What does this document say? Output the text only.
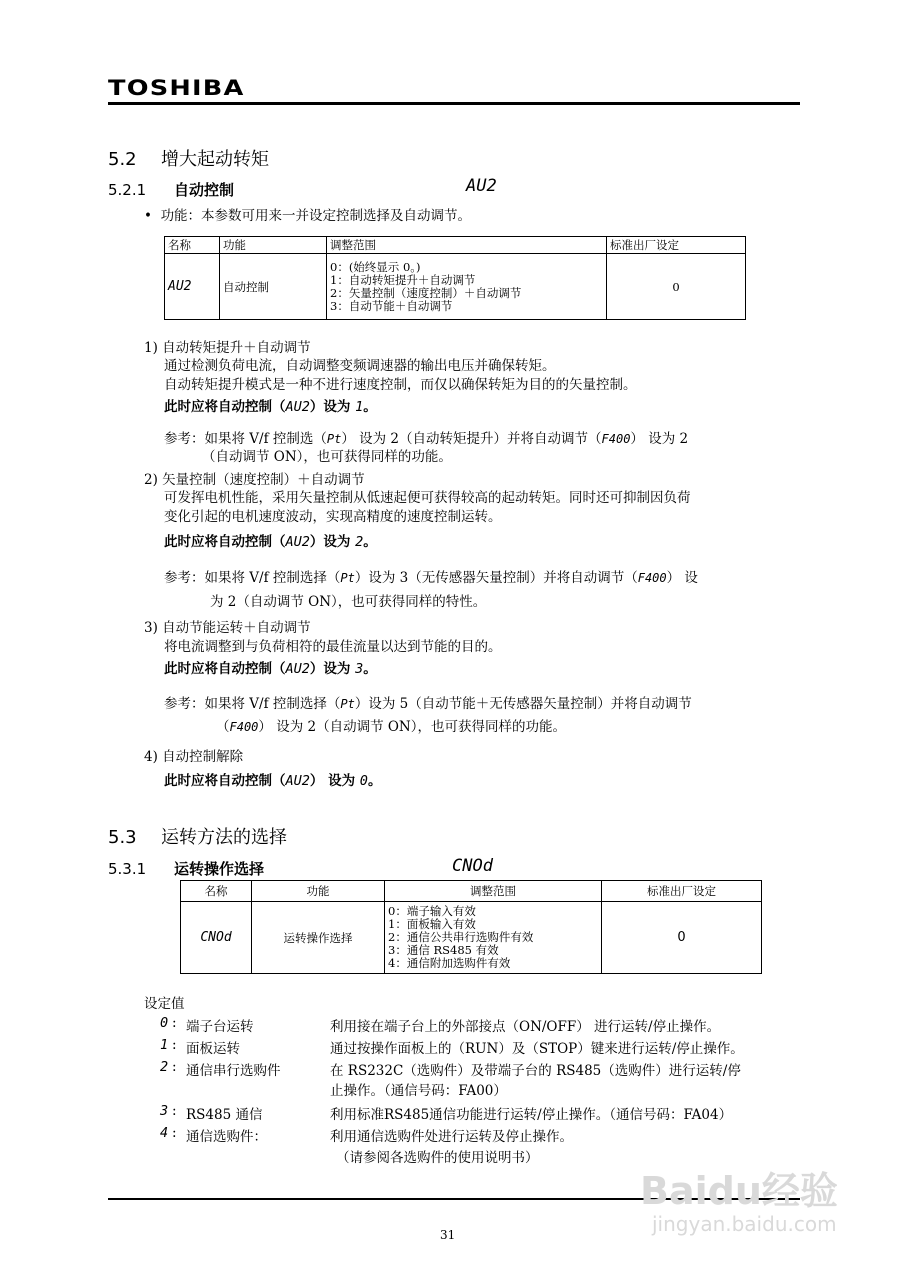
TOSHIBA
5.2 增大起动转矩
5.2.1 自动控制	AU2
• 功能：本参数可用来一并设定控制选择及自动调节。
名称	功能	调整范围	标准出厂设定
AU2	自动控制	0：(始终显示 0。)
1：自动转矩提升＋自动调节
2：矢量控制（速度控制）＋自动调节
3：自动节能＋自动调节	0
1) 自动转矩提升＋自动调节
通过检测负荷电流，自动调整变频调速器的输出电压并确保转矩。
自动转矩提升模式是一种不进行速度控制，而仅以确保转矩为目的的矢量控制。
此时应将自动控制（AU2）设为 1。
参考：如果将 V/f 控制选（Pt） 设为 2（自动转矩提升）并将自动调节（F400） 设为 2
（自动调节 ON），也可获得同样的功能。
2) 矢量控制（速度控制）＋自动调节
可发挥电机性能，采用矢量控制从低速起便可获得较高的起动转矩。同时还可抑制因负荷
变化引起的电机速度波动，实现高精度的速度控制运转。
此时应将自动控制（AU2）设为 2。
参考：如果将 V/f 控制选择（Pt）设为 3（无传感器矢量控制）并将自动调节（F400） 设
为 2（自动调节 ON），也可获得同样的特性。
3) 自动节能运转＋自动调节
将电流调整到与负荷相符的最佳流量以达到节能的目的。
此时应将自动控制（AU2）设为 3。
参考：如果将 V/f 控制选择（Pt）设为 5（自动节能＋无传感器矢量控制）并将自动调节
（F400） 设为 2（自动调节 ON），也可获得同样的功能。
4) 自动控制解除
此时应将自动控制（AU2） 设为 0。
5.3 运转方法的选择
5.3.1 运转操作选择	CNOd
名称	功能	调整范围	标准出厂设定
CNOd	运转操作选择	0：端子输入有效
1：面板输入有效
2：通信公共串行选购件有效
3：通信 RS485 有效
4：通信附加选购件有效	0
设定值
0 : 端子台运转	利用接在端子台上的外部接点（ON/OFF） 进行运转/停止操作。
1 : 面板运转	通过按操作面板上的（RUN）及（STOP）键来进行运转/停止操作。
2 : 通信串行选购件	在 RS232C（选购件）及带端子台的 RS485（选购件）进行运转/停
止操作。（通信号码：FA00）
3 : RS485 通信	利用标准RS485通信功能进行运转/停止操作。（通信号码：FA04）
4 : 通信选购件：	利用通信选购件处进行运转及停止操作。
（请参阅各选购件的使用说明书）
31
Baidu经验
jingyan.baidu.com
